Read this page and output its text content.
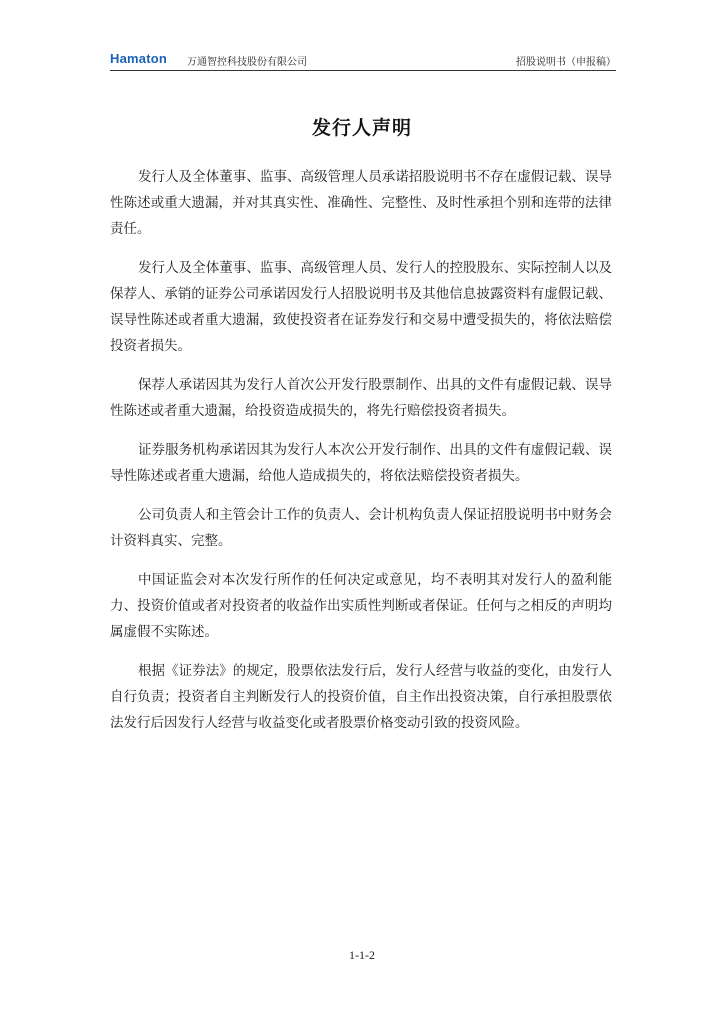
Hamaton 万通智控科技股份有限公司	招股说明书（申报稿）
发行人声明

发行人及全体董事、监事、高级管理人员承诺招股说明书不存在虚假记载、误导性陈述或重大遗漏，并对其真实性、准确性、完整性、及时性承担个别和连带的法律责任。

发行人及全体董事、监事、高级管理人员、发行人的控股股东、实际控制人以及保荐人、承销的证券公司承诺因发行人招股说明书及其他信息披露资料有虚假记载、误导性陈述或者重大遗漏，致使投资者在证券发行和交易中遭受损失的，将依法赔偿投资者损失。

保荐人承诺因其为发行人首次公开发行股票制作、出具的文件有虚假记载、误导性陈述或者重大遗漏，给投资造成损失的，将先行赔偿投资者损失。

证券服务机构承诺因其为发行人本次公开发行制作、出具的文件有虚假记载、误导性陈述或者重大遗漏，给他人造成损失的，将依法赔偿投资者损失。

公司负责人和主管会计工作的负责人、会计机构负责人保证招股说明书中财务会计资料真实、完整。

中国证监会对本次发行所作的任何决定或意见，均不表明其对发行人的盈利能力、投资价值或者对投资者的收益作出实质性判断或者保证。任何与之相反的声明均属虚假不实陈述。

根据《证券法》的规定，股票依法发行后，发行人经营与收益的变化，由发行人自行负责；投资者自主判断发行人的投资价值，自主作出投资决策，自行承担股票依法发行后因发行人经营与收益变化或者股票价格变动引致的投资风险。

1-1-2
